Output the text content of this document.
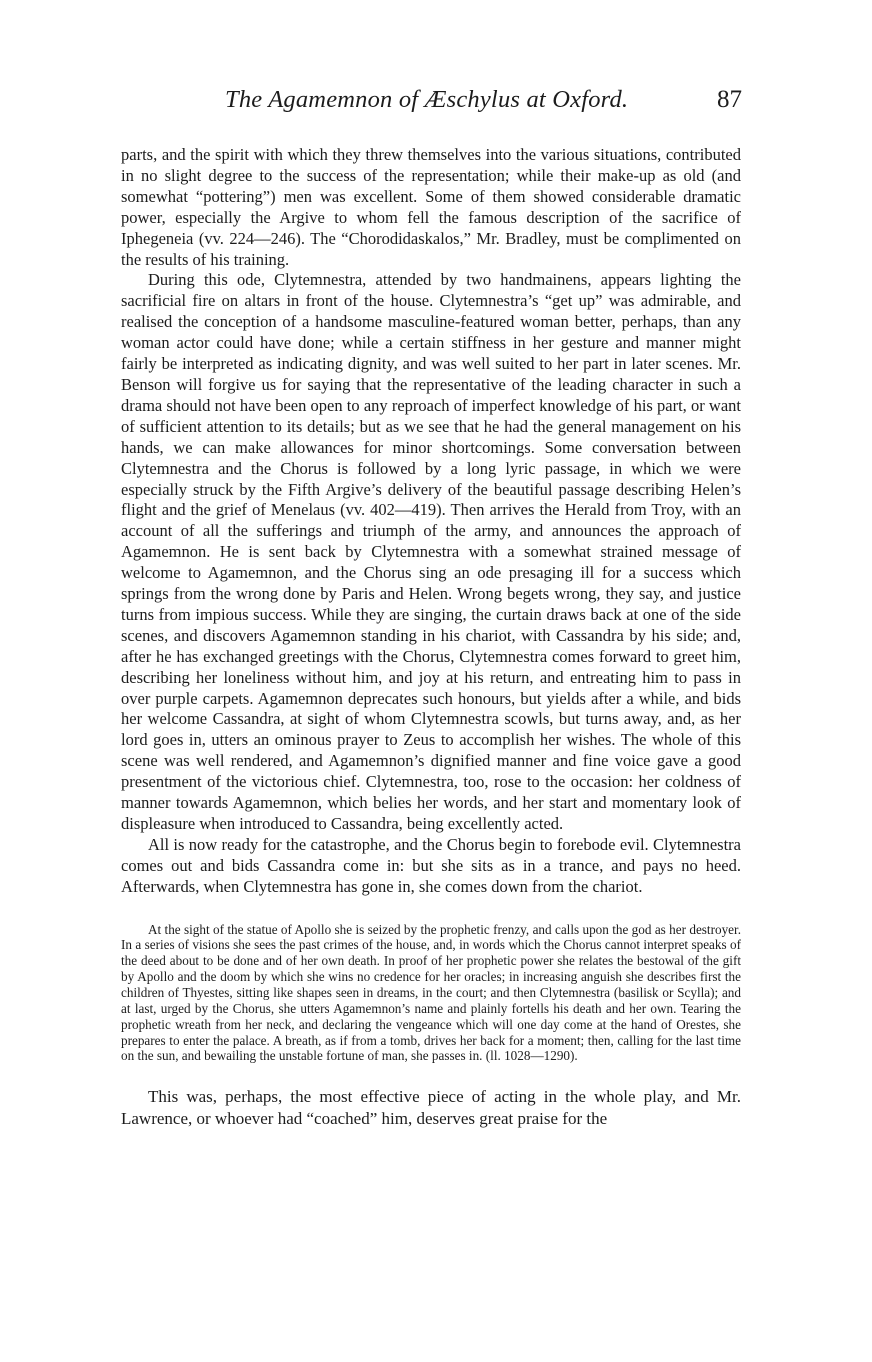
The Agamemnon of Æschylus at Oxford.	87

parts, and the spirit with which they threw themselves into the various situations, contributed in no slight degree to the success of the representation; while their make-up as old (and somewhat “pottering”) men was excellent. Some of them showed considerable dramatic power, especially the Argive to whom fell the famous description of the sacrifice of Iphegeneia (vv. 224—246). The “Chorodidaskalos,” Mr. Bradley, must be complimented on the results of his training.

During this ode, Clytemnestra, attended by two handmainens, appears lighting the sacrificial fire on altars in front of the house. Clytemnestra’s “get up” was admirable, and realised the conception of a handsome masculine-featured woman better, perhaps, than any woman actor could have done; while a certain stiffness in her gesture and manner might fairly be interpreted as indicating dignity, and was well suited to her part in later scenes. Mr. Benson will forgive us for saying that the representative of the leading character in such a drama should not have been open to any reproach of imperfect knowledge of his part, or want of sufficient attention to its details; but as we see that he had the general management on his hands, we can make allowances for minor shortcomings. Some conversation between Clytemnestra and the Chorus is followed by a long lyric passage, in which we were especially struck by the Fifth Argive’s delivery of the beautiful passage describing Helen’s flight and the grief of Menelaus (vv. 402—419). Then arrives the Herald from Troy, with an account of all the sufferings and triumph of the army, and announces the approach of Agamemnon. He is sent back by Clytemnestra with a somewhat strained message of welcome to Agamemnon, and the Chorus sing an ode presaging ill for a success which springs from the wrong done by Paris and Helen. Wrong begets wrong, they say, and justice turns from impious success. While they are singing, the curtain draws back at one of the side scenes, and discovers Agamemnon standing in his chariot, with Cassandra by his side; and, after he has exchanged greetings with the Chorus, Clytemnestra comes forward to greet him, describing her loneliness without him, and joy at his return, and entreating him to pass in over purple carpets. Agamemnon deprecates such honours, but yields after a while, and bids her welcome Cassandra, at sight of whom Clytemnestra scowls, but turns away, and, as her lord goes in, utters an ominous prayer to Zeus to accomplish her wishes. The whole of this scene was well rendered, and Agamemnon’s dignified manner and fine voice gave a good presentment of the victorious chief. Clytemnestra, too, rose to the occasion: her coldness of manner towards Agamemnon, which belies her words, and her start and momentary look of displeasure when introduced to Cassandra, being excellently acted.

All is now ready for the catastrophe, and the Chorus begin to forebode evil. Clytemnestra comes out and bids Cassandra come in: but she sits as in a trance, and pays no heed. Afterwards, when Clytemnestra has gone in, she comes down from the chariot.

At the sight of the statue of Apollo she is seized by the prophetic frenzy, and calls upon the god as her destroyer. In a series of visions she sees the past crimes of the house, and, in words which the Chorus cannot interpret speaks of the deed about to be done and of her own death. In proof of her prophetic power she relates the bestowal of the gift by Apollo and the doom by which she wins no credence for her oracles; in increasing anguish she describes first the children of Thyestes, sitting like shapes seen in dreams, in the court; and then Clytemnestra (basilisk or Scylla); and at last, urged by the Chorus, she utters Agamemnon’s name and plainly fortells his death and her own. Tearing the prophetic wreath from her neck, and declaring the vengeance which will one day come at the hand of Orestes, she prepares to enter the palace. A breath, as if from a tomb, drives her back for a moment; then, calling for the last time on the sun, and bewailing the unstable fortune of man, she passes in. (ll. 1028—1290).

This was, perhaps, the most effective piece of acting in the whole play, and Mr. Lawrence, or whoever had “coached” him, deserves great praise for the
